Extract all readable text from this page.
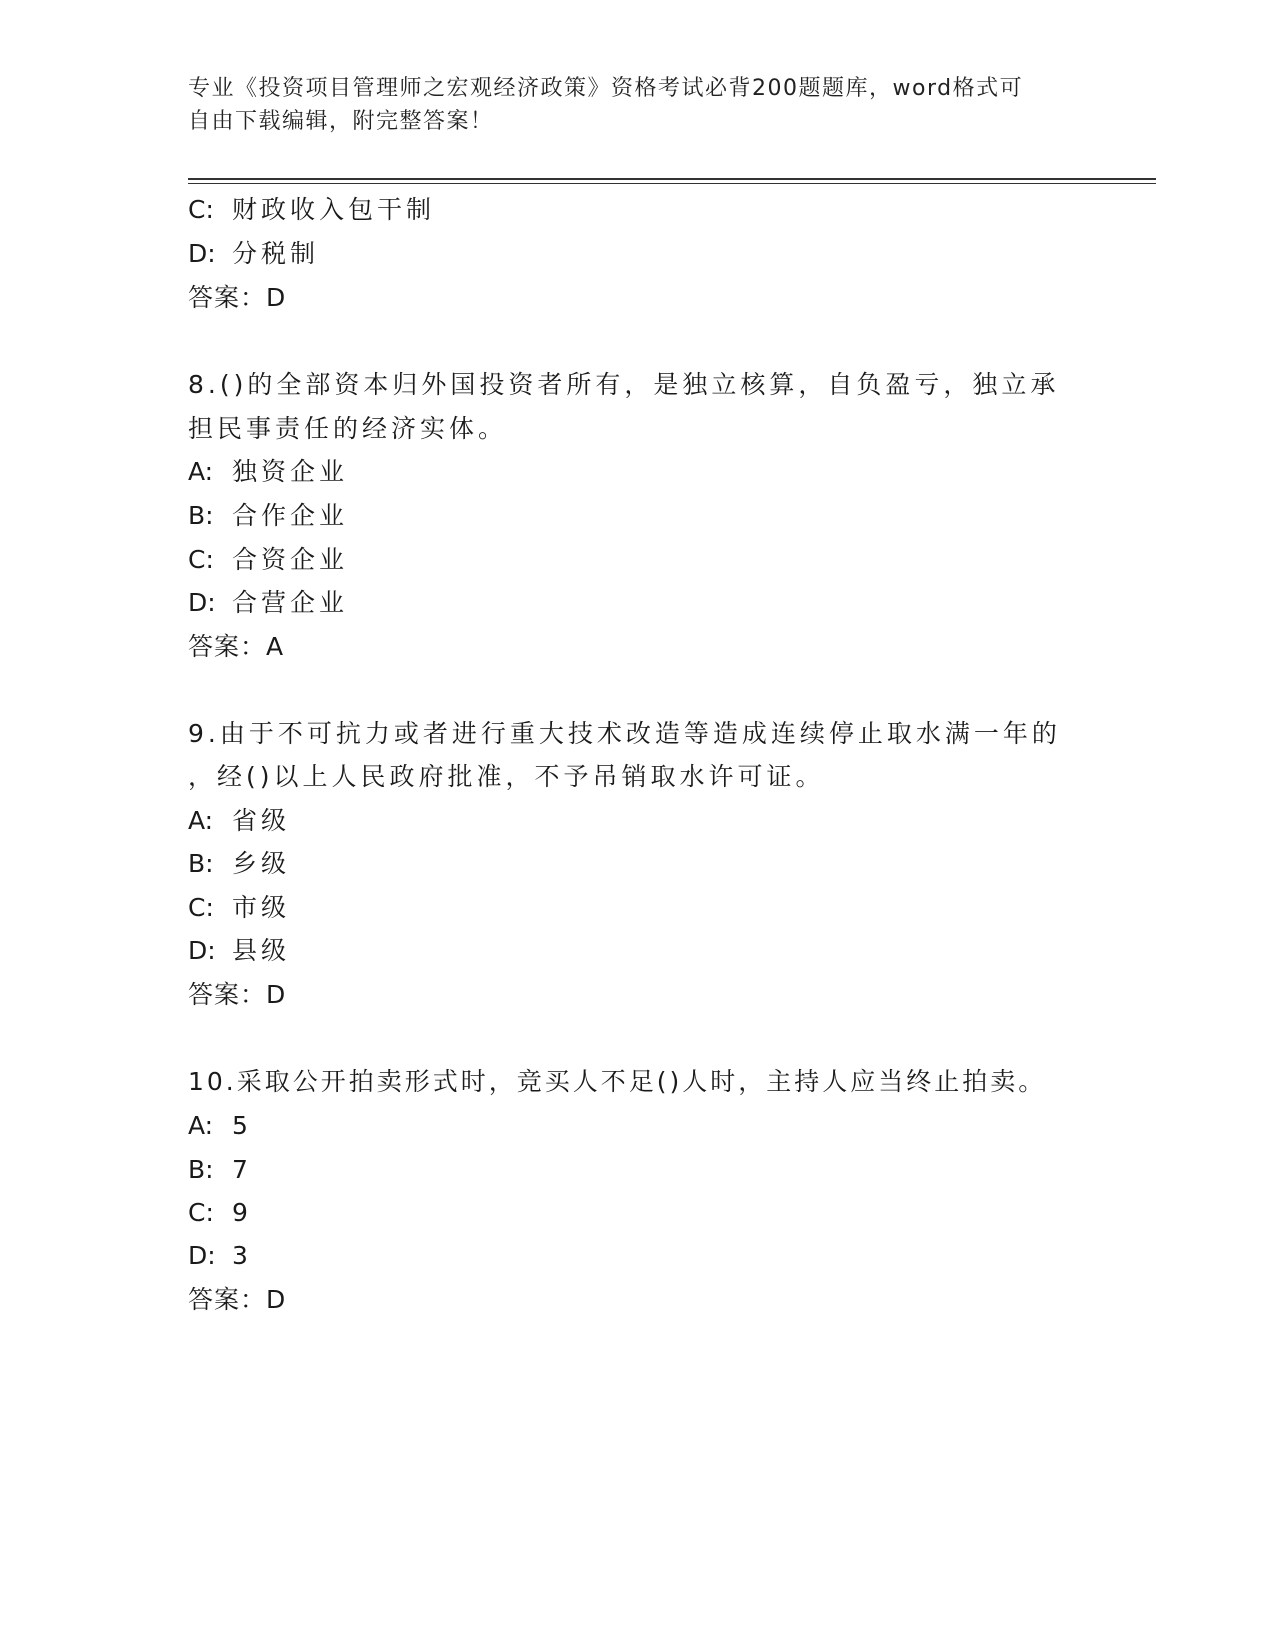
专业《投资项目管理师之宏观经济政策》资格考试必背200题题库，word格式可
自由下载编辑，附完整答案！
C: 财政收入包干制
D: 分税制
答案：D
8.()的全部资本归外国投资者所有，是独立核算，自负盈亏，独立承
担民事责任的经济实体。
A: 独资企业
B: 合作企业
C: 合资企业
D: 合营企业
答案：A
9.由于不可抗力或者进行重大技术改造等造成连续停止取水满一年的
，经()以上人民政府批准，不予吊销取水许可证。
A: 省级
B: 乡级
C: 市级
D: 县级
答案：D
10.采取公开拍卖形式时，竞买人不足()人时，主持人应当终止拍卖。
A: 5
B: 7
C: 9
D: 3
答案：D
